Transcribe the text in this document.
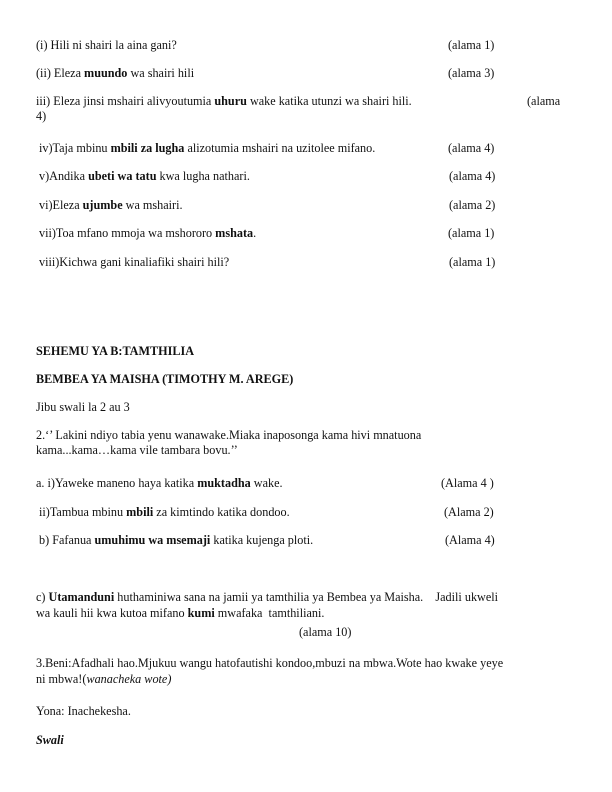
(i) Hili ni shairi la aina gani?	(alama 1)
(ii) Eleza muundo wa shairi hili	(alama 3)
iii) Eleza jinsi mshairi alivyoutumia uhuru wake katika utunzi wa shairi hili.	(alama
4)
iv)Taja mbinu mbili za lugha alizotumia mshairi na uzitolee mifano.	(alama 4)
v)Andika ubeti wa tatu kwa lugha nathari.	(alama 4)
vi)Eleza ujumbe wa mshairi.	(alama 2)
vii)Toa mfano mmoja wa mshororo mshata.	(alama 1)
viii)Kichwa gani kinaliafiki shairi hili?	(alama 1)
SEHEMU YA B:TAMTHILIA
BEMBEA YA MAISHA (TIMOTHY M. AREGE)
Jibu swali la 2 au 3
2.‘’ Lakini ndiyo tabia yenu wanawake.Miaka inaposonga kama hivi mnatuona
kama...kama…kama vile tambara bovu.’’
a. i)Yaweke maneno haya katika muktadha wake.	(Alama 4 )
ii)Tambua mbinu mbili za kimtindo katika dondoo.	(Alama 2)
b) Fafanua umuhimu wa msemaji katika kujenga ploti.	(Alama 4)
c) Utamanduni huthaminiwa sana na jamii ya tamthilia ya Bembea ya Maisha.    Jadili ukweli
wa kauli hii kwa kutoa mifano kumi mwafaka  tamthiliani.
(alama 10)
3.Beni:Afadhali hao.Mjukuu wangu hatofautishi kondoo,mbuzi na mbwa.Wote hao kwake yeye
ni mbwa!(wanacheka wote)
Yona: Inachekesha.
Swali
